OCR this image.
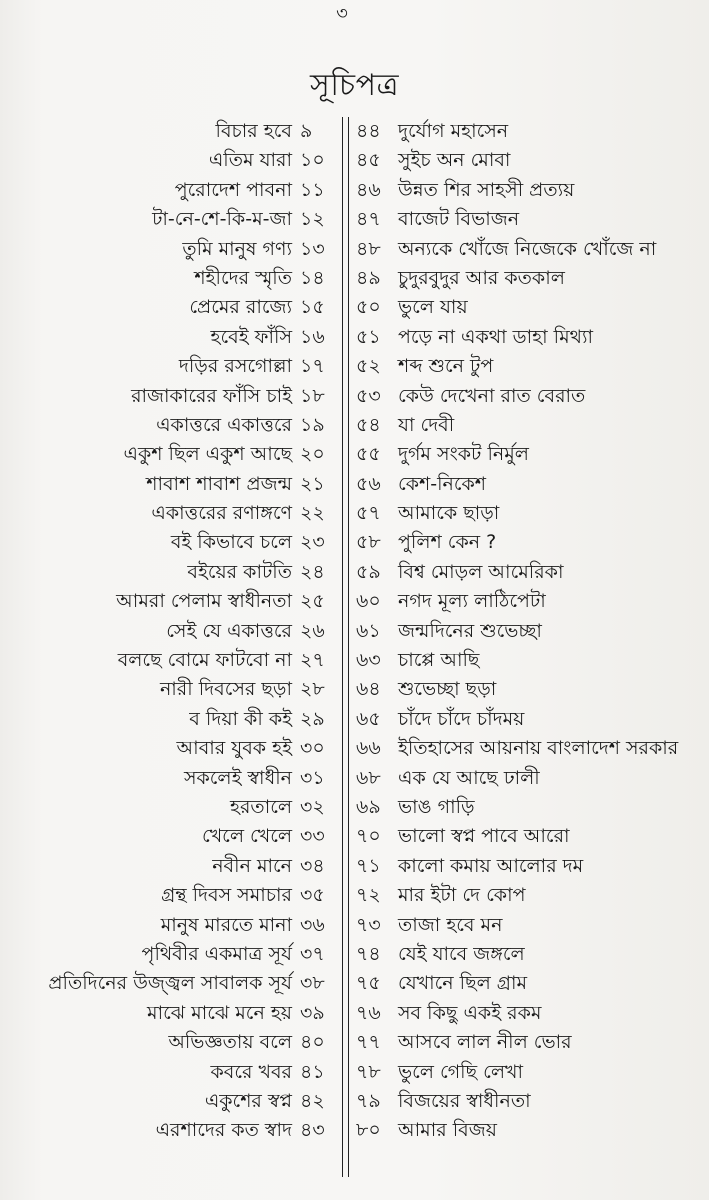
৩
সূচিপত্র
বিচার হবে ৯
এতিম যারা ১০
পুরোদেশ পাবনা ১১
টা-নে-শে-কি-ম-জা ১২
তুমি মানুষ গণ্য ১৩
শহীদের স্মৃতি ১৪
প্রেমের রাজ্যে ১৫
হবেই ফাঁসি ১৬
দড়ির রসগোল্লা ১৭
রাজাকারের ফাঁসি চাই ১৮
একাত্তরে একাত্তরে ১৯
একুশ ছিল একুশ আছে ২০
শাবাশ শাবাশ প্রজন্ম ২১
একাত্তরের রণাঙ্গণে ২২
বই কিভাবে চলে ২৩
বইয়ের কাটতি ২৪
আমরা পেলাম স্বাধীনতা ২৫
সেই যে একাত্তরে ২৬
বলছে বোমে ফাটবো না ২৭
নারী দিবসের ছড়া ২৮
ব দিয়া কী কই ২৯
আবার যুবক হই ৩০
সকলেই স্বাধীন ৩১
হরতালে ৩২
খেলে খেলে ৩৩
নবীন মানে ৩৪
গ্রন্থ দিবস সমাচার ৩৫
মানুষ মারতে মানা ৩৬
পৃথিবীর একমাত্র সূর্য ৩৭
প্রতিদিনের উজ্জ্বল সাবালক সূর্য ৩৮
মাঝে মাঝে মনে হয় ৩৯
অভিজ্ঞতায় বলে ৪০
কবরে খবর ৪১
একুশের স্বপ্ন ৪২
এরশাদের কত স্বাদ ৪৩
৪৪ দুর্যোগ মহাসেন
৪৫ সুইচ অন মোবা
৪৬ উন্নত শির সাহসী প্রত্যয়
৪৭ বাজেট বিভাজন
৪৮ অন্যকে খোঁজে নিজেকে খোঁজে না
৪৯ চুদুরবুদুর আর কতকাল
৫০ ভুলে যায়
৫১ পড়ে না একথা ডাহা মিথ্যা
৫২ শব্দ শুনে টুপ
৫৩ কেউ দেখেনা রাত বেরাত
৫৪ যা দেবী
৫৫ দুর্গম সংকট নির্মুল
৫৬ কেশ-নিকেশ
৫৭ আমাকে ছাড়া
৫৮ পুলিশ কেন ?
৫৯ বিশ্ব মোড়ল আমেরিকা
৬০ নগদ মূল্য লাঠিপেটা
৬১ জন্মদিনের শুভেচ্ছা
৬৩ চাপ্পে আছি
৬৪ শুভেচ্ছা ছড়া
৬৫ চাঁদে চাঁদে চাঁদময়
৬৬ ইতিহাসের আয়নায় বাংলাদেশ সরকার
৬৮ এক যে আছে ঢালী
৬৯ ভাঙ গাড়ি
৭০ ভালো স্বপ্ন পাবে আরো
৭১ কালো কমায় আলোর দম
৭২ মার ইটা দে কোপ
৭৩ তাজা হবে মন
৭৪ যেই যাবে জঙ্গলে
৭৫ যেখানে ছিল গ্রাম
৭৬ সব কিছু একই রকম
৭৭ আসবে লাল নীল ভোর
৭৮ ভুলে গেছি লেখা
৭৯ বিজয়ের স্বাধীনতা
৮০ আমার বিজয়
